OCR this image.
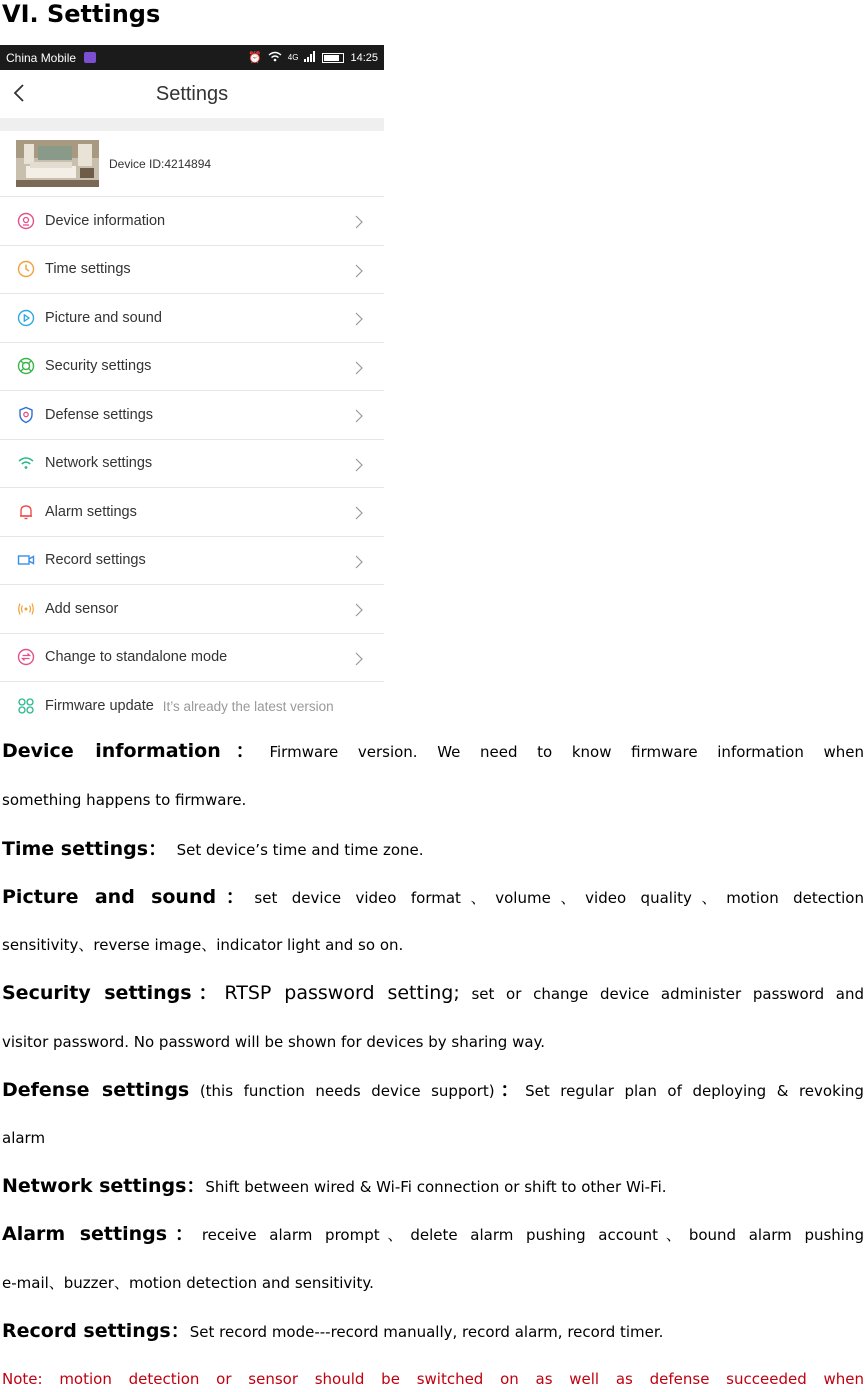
VI. Settings
China Mobile	⏰	4G	14:25
Settings
Device ID:4214894
Device information
Time settings
Picture and sound
Security settings
Defense settings
Network settings
Alarm settings
Record settings
Add sensor
Change to standalone mode
Firmware update It’s already the latest version
Device information：Firmware version. We need to know firmware information when
something happens to firmware.
Time settings： Set device’s time and time zone.
Picture and sound：set device video format、volume、video quality、motion detection
sensitivity、reverse image、indicator light and so on.
Security settings：RTSP password setting; set or change device administer password and
visitor password. No password will be shown for devices by sharing way.
Defense settings (this function needs device support)：Set regular plan of deploying & revoking
alarm
Network settings：Shift between wired & Wi-Fi connection or shift to other Wi-Fi.
Alarm settings：receive alarm prompt、delete alarm pushing account、bound alarm pushing
e-mail、buzzer、motion detection and sensitivity.
Record settings：Set record mode---record manually, record alarm, record timer.
Note: motion detection or sensor should be switched on as well as defense succeeded when
